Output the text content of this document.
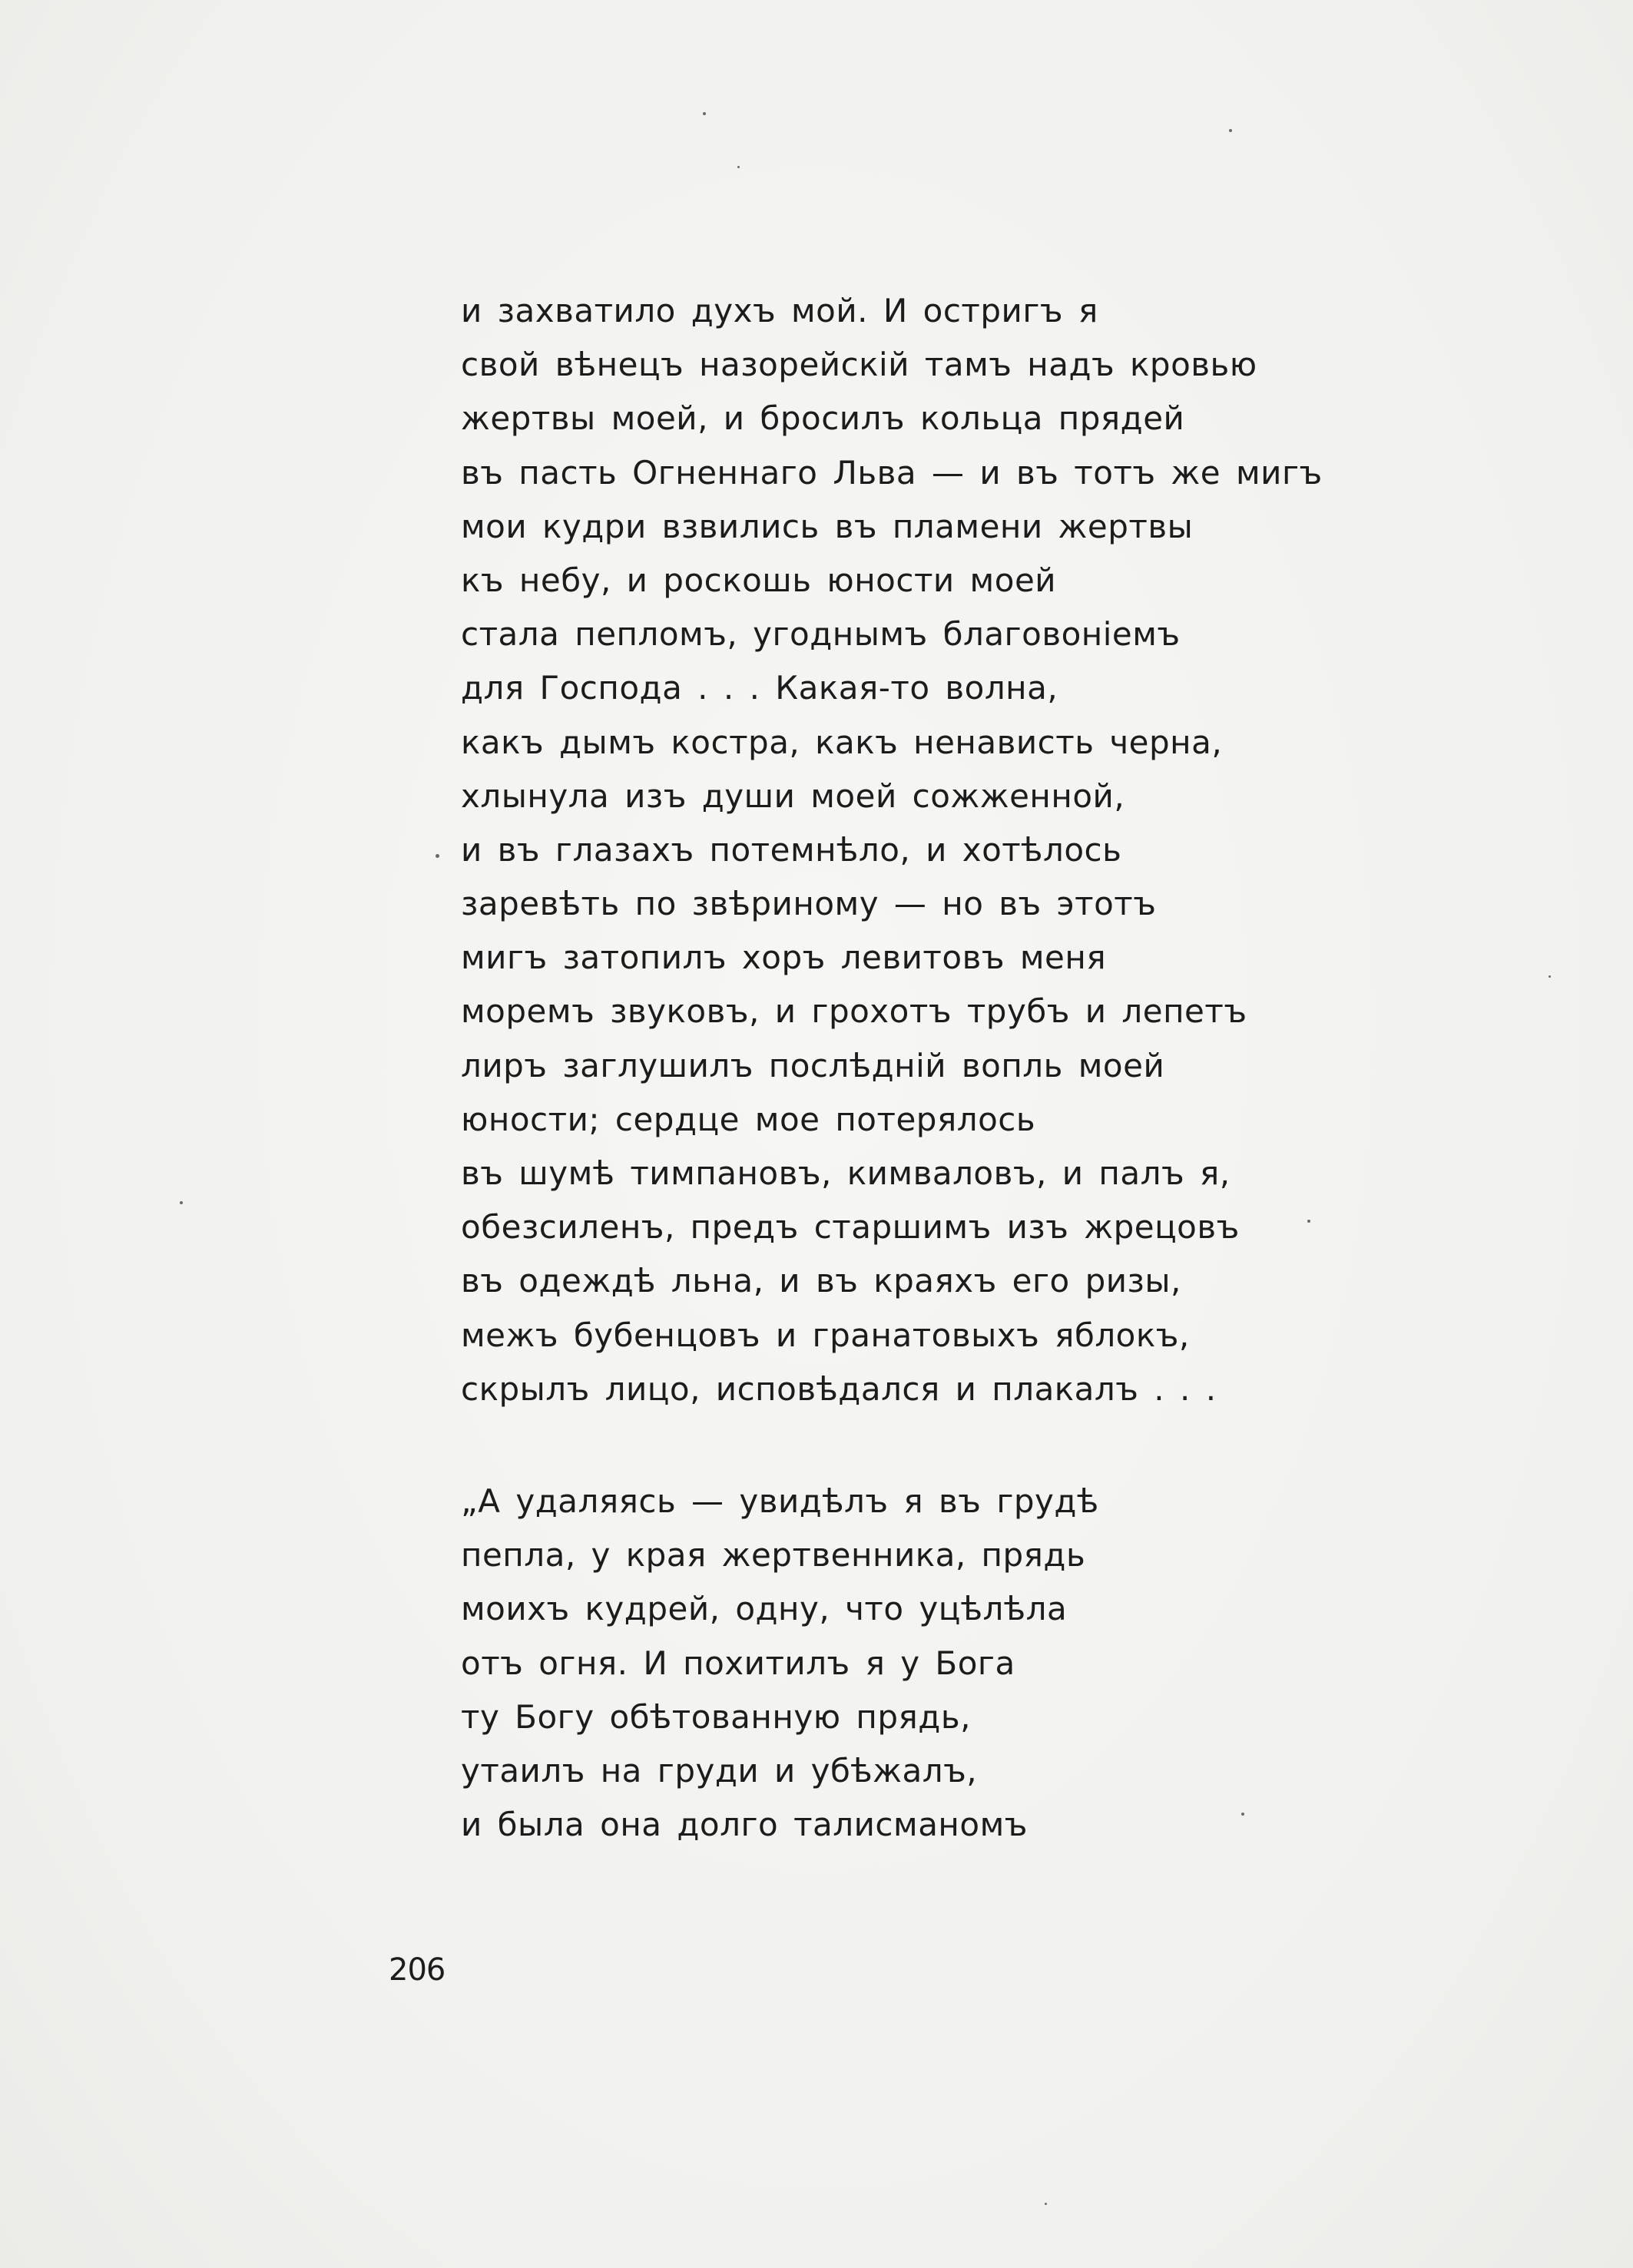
и захватило духъ мой. И остригъ я
свой вѣнецъ назорейскій тамъ надъ кровью
жертвы моей, и бросилъ кольца прядей
въ пасть Огненнаго Льва — и въ тотъ же мигъ
мои кудри взвились въ пламени жертвы
къ небу, и роскошь юности моей
стала пепломъ, угоднымъ благовоніемъ
для Господа . . . Какая-то волна,
какъ дымъ костра, какъ ненависть черна,
хлынула изъ души моей сожженной,
и въ глазахъ потемнѣло, и хотѣлось
заревѣть по звѣриному — но въ этотъ
мигъ затопилъ хоръ левитовъ меня
моремъ звуковъ, и грохотъ трубъ и лепетъ
лиръ заглушилъ послѣдній вопль моей
юности; сердце мое потерялось
въ шумѣ тимпановъ, кимваловъ, и палъ я,
обезсиленъ, предъ старшимъ изъ жрецовъ
въ одеждѣ льна, и въ краяхъ его ризы,
межъ бубенцовъ и гранатовыхъ яблокъ,
скрылъ лицо, исповѣдался и плакалъ . . .
„А удаляясь — увидѣлъ я въ грудѣ
пепла, у края жертвенника, прядь
моихъ кудрей, одну, что уцѣлѣла
отъ огня. И похитилъ я у Бога
ту Богу обѣтованную прядь,
утаилъ на груди и убѣжалъ,
и была она долго талисманомъ
206
